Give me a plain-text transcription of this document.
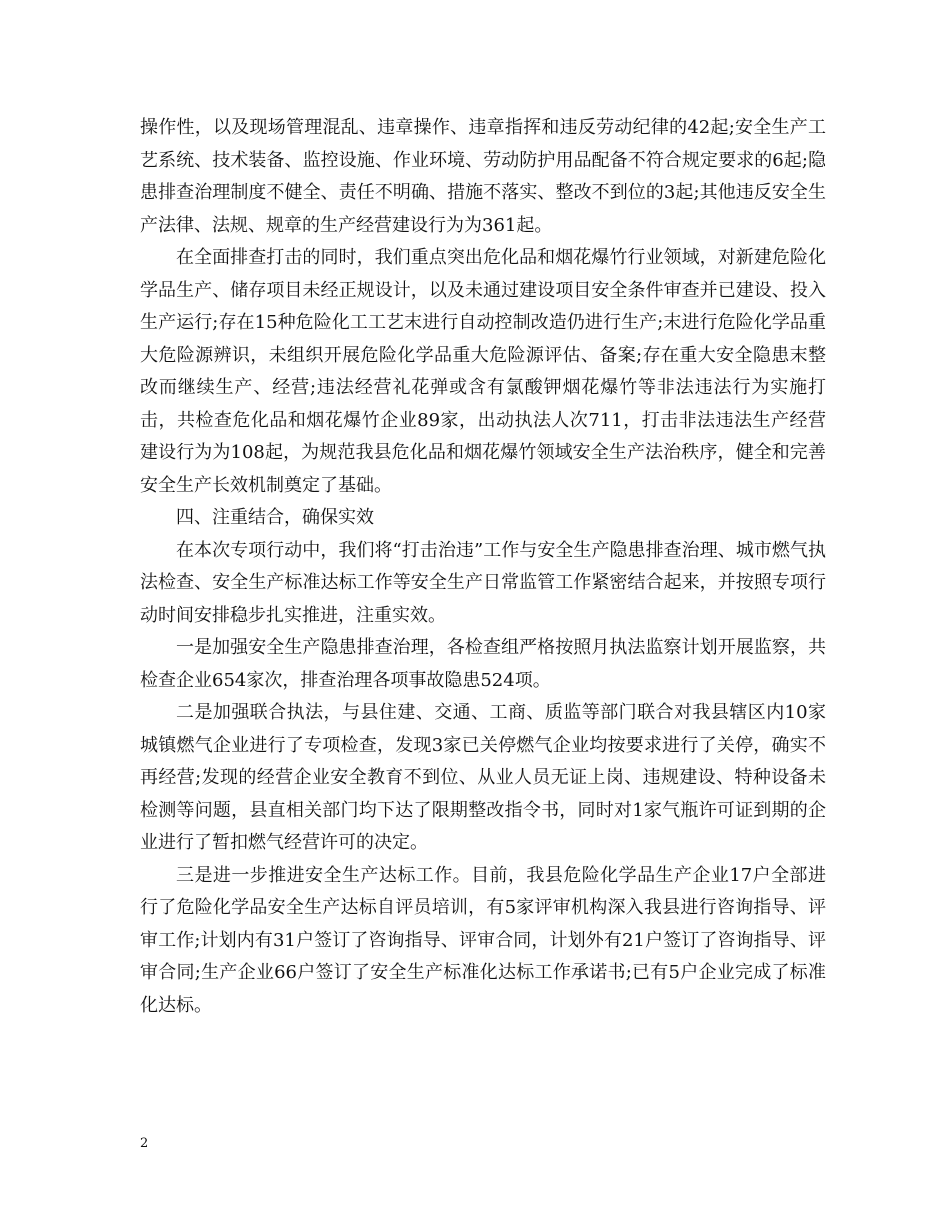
操作性，以及现场管理混乱、违章操作、违章指挥和违反劳动纪律的42起;安全生产工艺系统、技术装备、监控设施、作业环境、劳动防护用品配备不符合规定要求的6起;隐患排查治理制度不健全、责任不明确、措施不落实、整改不到位的3起;其他违反安全生产法律、法规、规章的生产经营建设行为为361起。

在全面排查打击的同时，我们重点突出危化品和烟花爆竹行业领域，对新建危险化学品生产、储存项目未经正规设计，以及未通过建设项目安全条件审查并已建设、投入生产运行;存在15种危险化工工艺末进行自动控制改造仍进行生产;末进行危险化学品重大危险源辨识，未组织开展危险化学品重大危险源评估、备案;存在重大安全隐患末整改而继续生产、经营;违法经营礼花弹或含有氯酸钾烟花爆竹等非法违法行为实施打击，共检查危化品和烟花爆竹企业89家，出动执法人次711，打击非法违法生产经营建设行为为108起，为规范我县危化品和烟花爆竹领域安全生产法治秩序，健全和完善安全生产长效机制奠定了基础。

四、注重结合，确保实效

在本次专项行动中，我们将“打击治违”工作与安全生产隐患排查治理、城市燃气执法检查、安全生产标准达标工作等安全生产日常监管工作紧密结合起来，并按照专项行动时间安排稳步扎实推进，注重实效。

一是加强安全生产隐患排查治理，各检查组严格按照月执法监察计划开展监察，共检查企业654家次，排查治理各项事故隐患524项。

二是加强联合执法，与县住建、交通、工商、质监等部门联合对我县辖区内10家城镇燃气企业进行了专项检查，发现3家已关停燃气企业均按要求进行了关停，确实不再经营;发现的经营企业安全教育不到位、从业人员无证上岗、违规建设、特种设备未检测等问题，县直相关部门均下达了限期整改指令书，同时对1家气瓶许可证到期的企业进行了暂扣燃气经营许可的决定。

三是进一步推进安全生产达标工作。目前，我县危险化学品生产企业17户全部进行了危险化学品安全生产达标自评员培训，有5家评审机构深入我县进行咨询指导、评审工作;计划内有31户签订了咨询指导、评审合同，计划外有21户签订了咨询指导、评审合同;生产企业66户签订了安全生产标准化达标工作承诺书;已有5户企业完成了标准化达标。

2
